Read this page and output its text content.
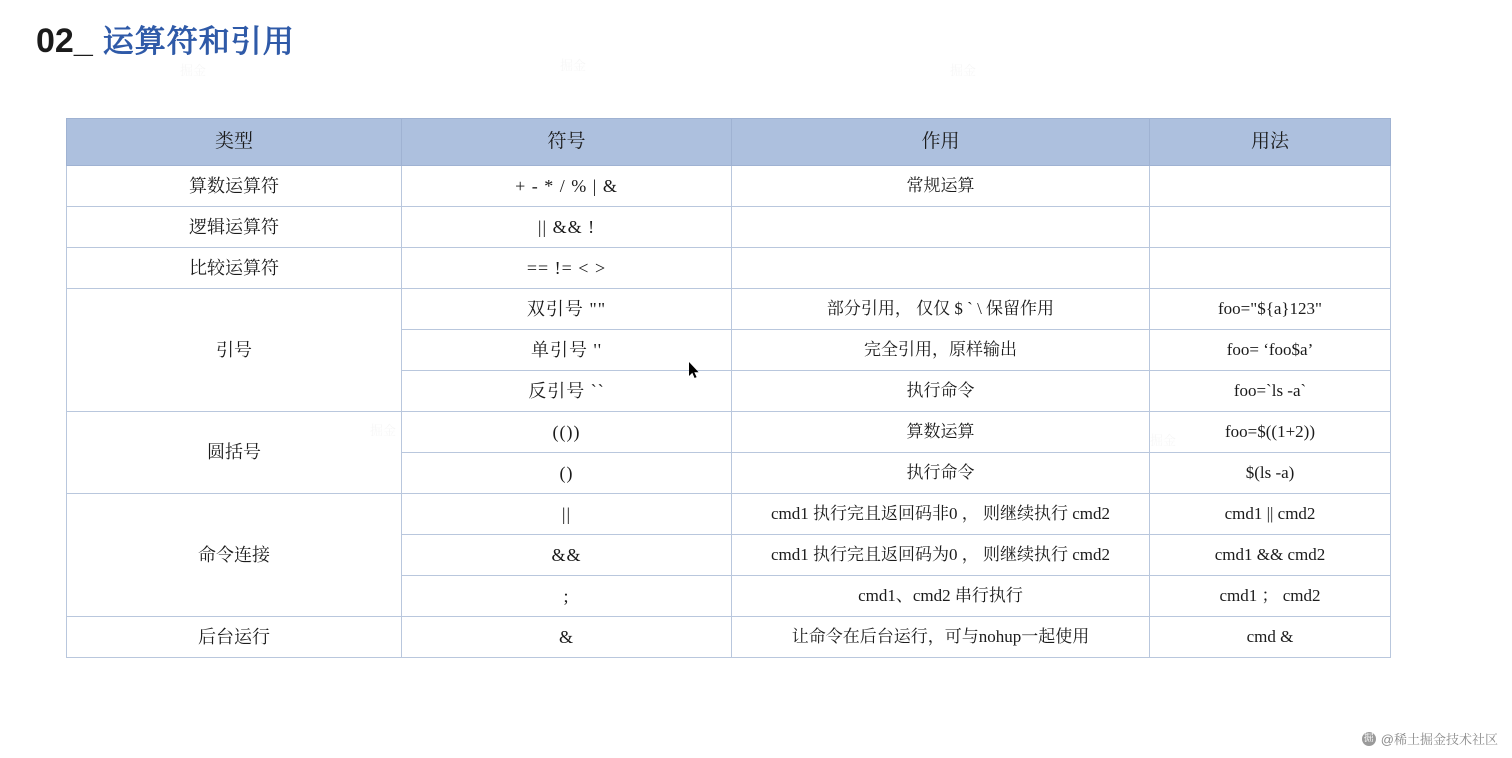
02_ 运算符和引用
类型	符号	作用	用法
算数运算符	+ - * / % | &	常规运算	
逻辑运算符	|| && !		
比较运算符	== != < >		
引号	双引号 ""	部分引用， 仅仅 $ ` \ 保留作用	foo="${a}123"
	单引号 ''	完全引用，原样输出	foo= ‘foo$a’
	反引号 ``	执行命令	foo=`ls -a`
圆括号	(())	算数运算	foo=$((1+2))
	()	执行命令	$(ls -a)
命令连接	||	cmd1 执行完且返回码非0 ， 则继续执行 cmd2	cmd1 || cmd2
	&&	cmd1 执行完且返回码为0 ， 则继续执行 cmd2	cmd1 && cmd2
	;	cmd1、cmd2 串行执行	cmd1 ； cmd2
后台运行	&	让命令在后台运行，可与nohup一起使用	cmd &
掘 @稀土掘金技术社区
